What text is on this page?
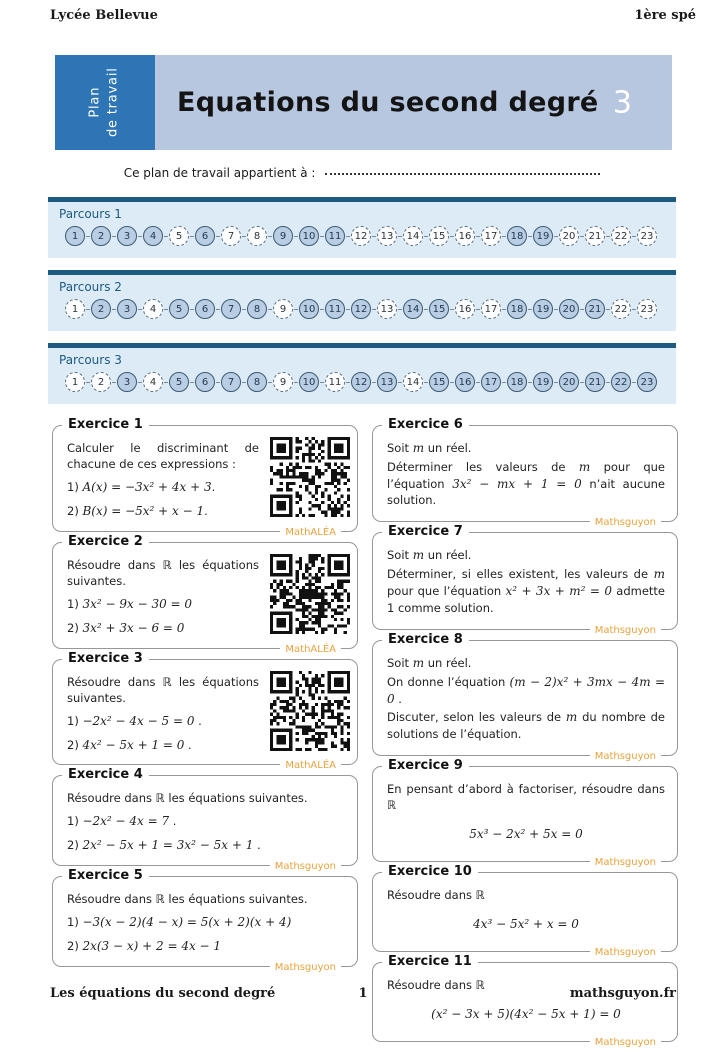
Lycée Bellevue	1ère spé
Plan de travail Equations du second degré 3
Ce plan de travail appartient à :
Parcours 1
1	2	3	4	5	6	7	8	9	10	11	12	13	14	15	16	17	18	19	20	21	22	23
Parcours 2
1	2	3	4	5	6	7	8	9	10	11	12	13	14	15	16	17	18	19	20	21	22	23
Parcours 3
1	2	3	4	5	6	7	8	9	10	11	12	13	14	15	16	17	18	19	20	21	22	23
Exercice 1
Calculer le discriminant de chacune de ces expressions :
1) A(x) = −3x² + 4x + 3.
2) B(x) = −5x² + x − 1.
MathALÉA
Exercice 2
Résoudre dans ℝ les équations suivantes.
1) 3x² − 9x − 30 = 0
2) 3x² + 3x − 6 = 0
MathALÉA
Exercice 3
Résoudre dans ℝ les équations suivantes.
1) −2x² − 4x − 5 = 0 .
2) 4x² − 5x + 1 = 0 .
MathALÉA
Exercice 4
Résoudre dans ℝ les équations suivantes.
1) −2x² − 4x = 7 .
2) 2x² − 5x + 1 = 3x² − 5x + 1 .
Mathsguyon
Exercice 5
Résoudre dans ℝ les équations suivantes.
1) −3(x − 2)(4 − x) = 5(x + 2)(x + 4)
2) 2x(3 − x) + 2 = 4x − 1
Mathsguyon
Exercice 6
Soit m un réel.
Déterminer les valeurs de m pour que l’équation 3x² − mx + 1 = 0 n’ait aucune solution.
Mathsguyon
Exercice 7
Soit m un réel.
Déterminer, si elles existent, les valeurs de m pour que l’équation x² + 3x + m² = 0 admette 1 comme solution.
Mathsguyon
Exercice 8
Soit m un réel.
On donne l’équation (m − 2)x² + 3mx − 4m = 0 .
Discuter, selon les valeurs de m du nombre de solutions de l’équation.
Mathsguyon
Exercice 9
En pensant d’abord à factoriser, résoudre dans ℝ
5x³ − 2x² + 5x = 0
Mathsguyon
Exercice 10
Résoudre dans ℝ
4x³ − 5x² + x = 0
Mathsguyon
Exercice 11
Résoudre dans ℝ
(x² − 3x + 5)(4x² − 5x + 1) = 0
Mathsguyon
Les équations du second degré	1	mathsguyon.fr
